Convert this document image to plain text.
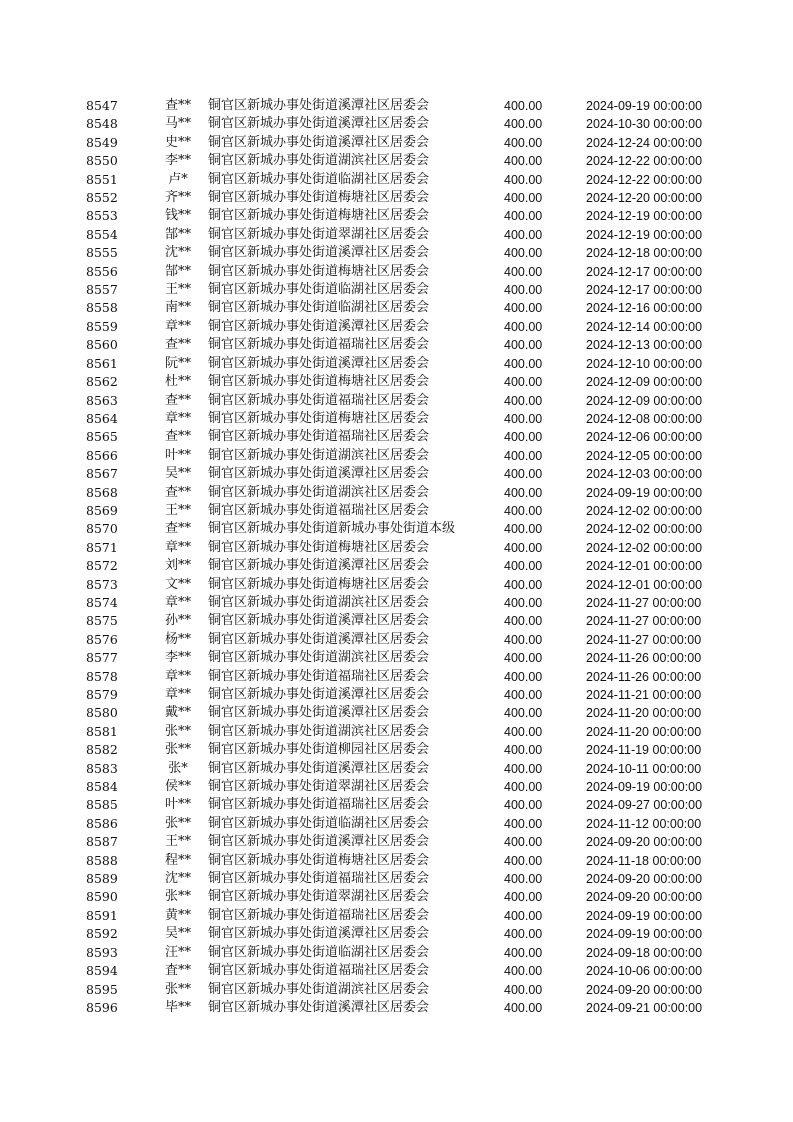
8547	查**	铜官区新城办事处街道溪潭社区居委会	400.00	2024-09-19 00:00:00
8548	马**	铜官区新城办事处街道溪潭社区居委会	400.00	2024-10-30 00:00:00
8549	史**	铜官区新城办事处街道溪潭社区居委会	400.00	2024-12-24 00:00:00
8550	李**	铜官区新城办事处街道湖滨社区居委会	400.00	2024-12-22 00:00:00
8551	卢*	铜官区新城办事处街道临湖社区居委会	400.00	2024-12-22 00:00:00
8552	齐**	铜官区新城办事处街道梅塘社区居委会	400.00	2024-12-20 00:00:00
8553	钱**	铜官区新城办事处街道梅塘社区居委会	400.00	2024-12-19 00:00:00
8554	郜**	铜官区新城办事处街道翠湖社区居委会	400.00	2024-12-19 00:00:00
8555	沈**	铜官区新城办事处街道溪潭社区居委会	400.00	2024-12-18 00:00:00
8556	郜**	铜官区新城办事处街道梅塘社区居委会	400.00	2024-12-17 00:00:00
8557	王**	铜官区新城办事处街道临湖社区居委会	400.00	2024-12-17 00:00:00
8558	南**	铜官区新城办事处街道临湖社区居委会	400.00	2024-12-16 00:00:00
8559	章**	铜官区新城办事处街道溪潭社区居委会	400.00	2024-12-14 00:00:00
8560	查**	铜官区新城办事处街道福瑞社区居委会	400.00	2024-12-13 00:00:00
8561	阮**	铜官区新城办事处街道溪潭社区居委会	400.00	2024-12-10 00:00:00
8562	杜**	铜官区新城办事处街道梅塘社区居委会	400.00	2024-12-09 00:00:00
8563	查**	铜官区新城办事处街道福瑞社区居委会	400.00	2024-12-09 00:00:00
8564	章**	铜官区新城办事处街道梅塘社区居委会	400.00	2024-12-08 00:00:00
8565	查**	铜官区新城办事处街道福瑞社区居委会	400.00	2024-12-06 00:00:00
8566	叶**	铜官区新城办事处街道湖滨社区居委会	400.00	2024-12-05 00:00:00
8567	吴**	铜官区新城办事处街道溪潭社区居委会	400.00	2024-12-03 00:00:00
8568	查**	铜官区新城办事处街道湖滨社区居委会	400.00	2024-09-19 00:00:00
8569	王**	铜官区新城办事处街道福瑞社区居委会	400.00	2024-12-02 00:00:00
8570	查**	铜官区新城办事处街道新城办事处街道本级	400.00	2024-12-02 00:00:00
8571	章**	铜官区新城办事处街道梅塘社区居委会	400.00	2024-12-02 00:00:00
8572	刘**	铜官区新城办事处街道溪潭社区居委会	400.00	2024-12-01 00:00:00
8573	文**	铜官区新城办事处街道梅塘社区居委会	400.00	2024-12-01 00:00:00
8574	章**	铜官区新城办事处街道湖滨社区居委会	400.00	2024-11-27 00:00:00
8575	孙**	铜官区新城办事处街道溪潭社区居委会	400.00	2024-11-27 00:00:00
8576	杨**	铜官区新城办事处街道溪潭社区居委会	400.00	2024-11-27 00:00:00
8577	李**	铜官区新城办事处街道湖滨社区居委会	400.00	2024-11-26 00:00:00
8578	章**	铜官区新城办事处街道福瑞社区居委会	400.00	2024-11-26 00:00:00
8579	章**	铜官区新城办事处街道溪潭社区居委会	400.00	2024-11-21 00:00:00
8580	戴**	铜官区新城办事处街道溪潭社区居委会	400.00	2024-11-20 00:00:00
8581	张**	铜官区新城办事处街道湖滨社区居委会	400.00	2024-11-20 00:00:00
8582	张**	铜官区新城办事处街道柳园社区居委会	400.00	2024-11-19 00:00:00
8583	张*	铜官区新城办事处街道溪潭社区居委会	400.00	2024-10-11 00:00:00
8584	侯**	铜官区新城办事处街道翠湖社区居委会	400.00	2024-09-19 00:00:00
8585	叶**	铜官区新城办事处街道福瑞社区居委会	400.00	2024-09-27 00:00:00
8586	张**	铜官区新城办事处街道临湖社区居委会	400.00	2024-11-12 00:00:00
8587	王**	铜官区新城办事处街道溪潭社区居委会	400.00	2024-09-20 00:00:00
8588	程**	铜官区新城办事处街道梅塘社区居委会	400.00	2024-11-18 00:00:00
8589	沈**	铜官区新城办事处街道福瑞社区居委会	400.00	2024-09-20 00:00:00
8590	张**	铜官区新城办事处街道翠湖社区居委会	400.00	2024-09-20 00:00:00
8591	黄**	铜官区新城办事处街道福瑞社区居委会	400.00	2024-09-19 00:00:00
8592	吴**	铜官区新城办事处街道溪潭社区居委会	400.00	2024-09-19 00:00:00
8593	汪**	铜官区新城办事处街道临湖社区居委会	400.00	2024-09-18 00:00:00
8594	査**	铜官区新城办事处街道福瑞社区居委会	400.00	2024-10-06 00:00:00
8595	张**	铜官区新城办事处街道湖滨社区居委会	400.00	2024-09-20 00:00:00
8596	毕**	铜官区新城办事处街道溪潭社区居委会	400.00	2024-09-21 00:00:00
